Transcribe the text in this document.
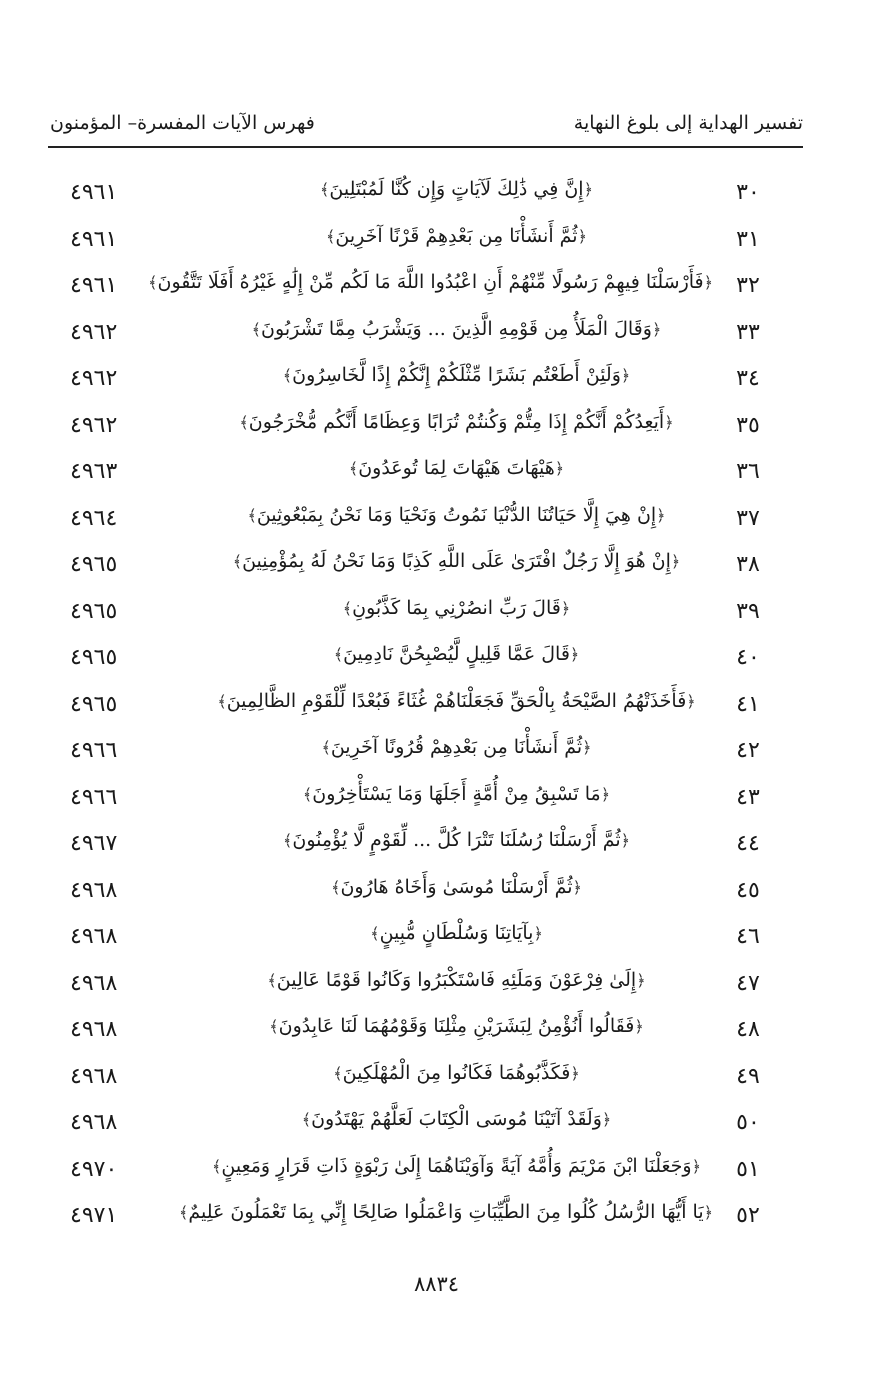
تفسير الهداية إلى بلوغ النهاية
فهرس الآيات المفسرة– المؤمنون
٣٠
﴿إِنَّ فِي ذَٰلِكَ لَآيَاتٍ وَإِن كُنَّا لَمُبْتَلِينَ﴾
٤٩٦١
٣١
﴿ثُمَّ أَنشَأْنَا مِن بَعْدِهِمْ قَرْنًا آخَرِينَ﴾
٤٩٦١
٣٢
﴿فَأَرْسَلْنَا فِيهِمْ رَسُولًا مِّنْهُمْ أَنِ اعْبُدُوا اللَّهَ مَا لَكُم مِّنْ إِلَٰهٍ غَيْرُهُ أَفَلَا تَتَّقُونَ﴾
٤٩٦١
٣٣
﴿وَقَالَ الْمَلَأُ مِن قَوْمِهِ الَّذِينَ ... وَيَشْرَبُ مِمَّا تَشْرَبُونَ﴾
٤٩٦٢
٣٤
﴿وَلَئِنْ أَطَعْتُم بَشَرًا مِّثْلَكُمْ إِنَّكُمْ إِذًا لَّخَاسِرُونَ﴾
٤٩٦٢
٣٥
﴿أَيَعِدُكُمْ أَنَّكُمْ إِذَا مِتُّمْ وَكُنتُمْ تُرَابًا وَعِظَامًا أَنَّكُم مُّخْرَجُونَ﴾
٤٩٦٢
٣٦
﴿هَيْهَاتَ هَيْهَاتَ لِمَا تُوعَدُونَ﴾
٤٩٦٣
٣٧
﴿إِنْ هِيَ إِلَّا حَيَاتُنَا الدُّنْيَا نَمُوتُ وَنَحْيَا وَمَا نَحْنُ بِمَبْعُوثِينَ﴾
٤٩٦٤
٣٨
﴿إِنْ هُوَ إِلَّا رَجُلٌ افْتَرَىٰ عَلَى اللَّهِ كَذِبًا وَمَا نَحْنُ لَهُ بِمُؤْمِنِينَ﴾
٤٩٦٥
٣٩
﴿قَالَ رَبِّ انصُرْنِي بِمَا كَذَّبُونِ﴾
٤٩٦٥
٤٠
﴿قَالَ عَمَّا قَلِيلٍ لَّيُصْبِحُنَّ نَادِمِينَ﴾
٤٩٦٥
٤١
﴿فَأَخَذَتْهُمُ الصَّيْحَةُ بِالْحَقِّ فَجَعَلْنَاهُمْ غُثَاءً فَبُعْدًا لِّلْقَوْمِ الظَّالِمِينَ﴾
٤٩٦٥
٤٢
﴿ثُمَّ أَنشَأْنَا مِن بَعْدِهِمْ قُرُونًا آخَرِينَ﴾
٤٩٦٦
٤٣
﴿مَا تَسْبِقُ مِنْ أُمَّةٍ أَجَلَهَا وَمَا يَسْتَأْخِرُونَ﴾
٤٩٦٦
٤٤
﴿ثُمَّ أَرْسَلْنَا رُسُلَنَا تَتْرَا كُلَّ ... لِّقَوْمٍ لَّا يُؤْمِنُونَ﴾
٤٩٦٧
٤٥
﴿ثُمَّ أَرْسَلْنَا مُوسَىٰ وَأَخَاهُ هَارُونَ﴾
٤٩٦٨
٤٦
﴿بِآيَاتِنَا وَسُلْطَانٍ مُّبِينٍ﴾
٤٩٦٨
٤٧
﴿إِلَىٰ فِرْعَوْنَ وَمَلَئِهِ فَاسْتَكْبَرُوا وَكَانُوا قَوْمًا عَالِينَ﴾
٤٩٦٨
٤٨
﴿فَقَالُوا أَنُؤْمِنُ لِبَشَرَيْنِ مِثْلِنَا وَقَوْمُهُمَا لَنَا عَابِدُونَ﴾
٤٩٦٨
٤٩
﴿فَكَذَّبُوهُمَا فَكَانُوا مِنَ الْمُهْلَكِينَ﴾
٤٩٦٨
٥٠
﴿وَلَقَدْ آتَيْنَا مُوسَى الْكِتَابَ لَعَلَّهُمْ يَهْتَدُونَ﴾
٤٩٦٨
٥١
﴿وَجَعَلْنَا ابْنَ مَرْيَمَ وَأُمَّهُ آيَةً وَآوَيْنَاهُمَا إِلَىٰ رَبْوَةٍ ذَاتِ قَرَارٍ وَمَعِينٍ﴾
٤٩٧٠
٥٢
﴿يَا أَيُّهَا الرُّسُلُ كُلُوا مِنَ الطَّيِّبَاتِ وَاعْمَلُوا صَالِحًا إِنِّي بِمَا تَعْمَلُونَ عَلِيمٌ﴾
٤٩٧١
٨٨٣٤
